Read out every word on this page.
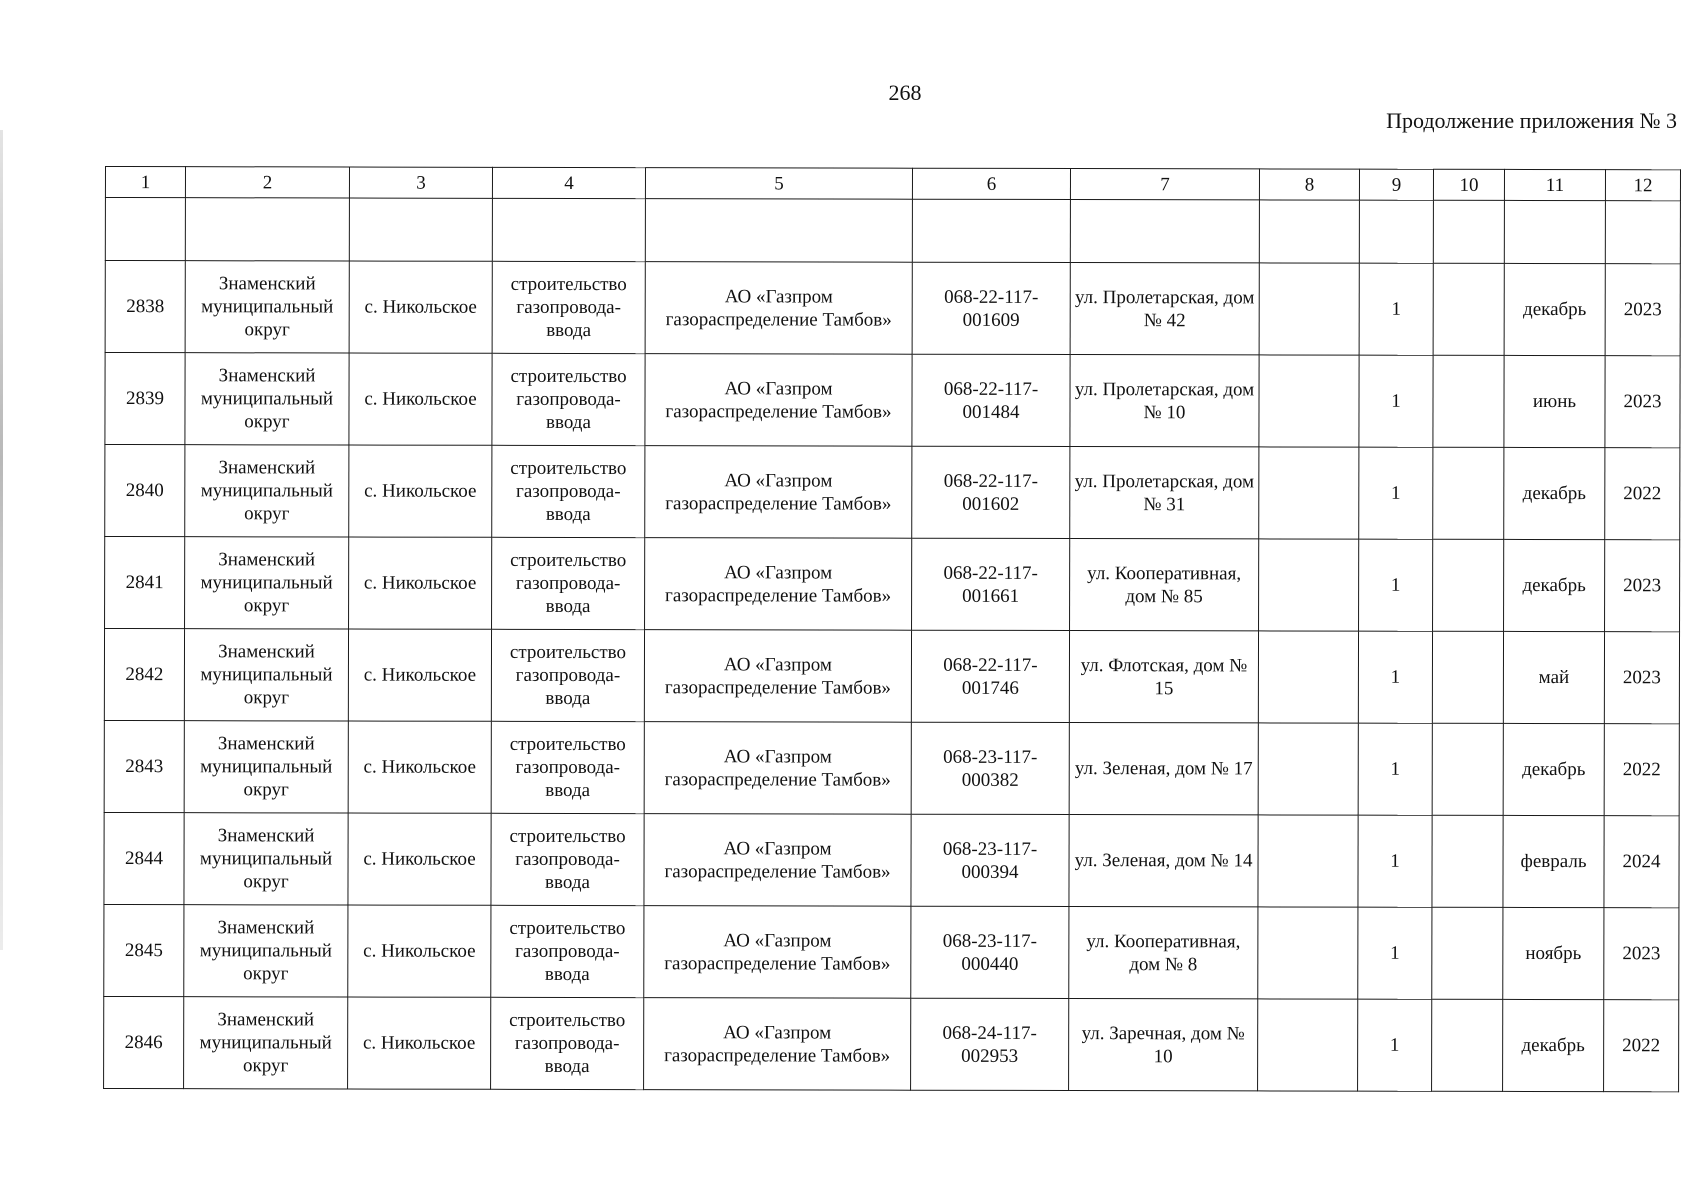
268
Продолжение приложения № 3
1	2	3	4	5	6	7	8	9	10	11	12

2838	Знаменский муниципальный округ	с. Никольское	строительство газопровода-ввода	АО «Газпром газораспределение Тамбов»	068-22-117-001609	ул. Пролетарская, дом № 42		1		декабрь	2023
2839	Знаменский муниципальный округ	с. Никольское	строительство газопровода-ввода	АО «Газпром газораспределение Тамбов»	068-22-117-001484	ул. Пролетарская, дом № 10		1		июнь	2023
2840	Знаменский муниципальный округ	с. Никольское	строительство газопровода-ввода	АО «Газпром газораспределение Тамбов»	068-22-117-001602	ул. Пролетарская, дом № 31		1		декабрь	2022
2841	Знаменский муниципальный округ	с. Никольское	строительство газопровода-ввода	АО «Газпром газораспределение Тамбов»	068-22-117-001661	ул. Кооперативная, дом № 85		1		декабрь	2023
2842	Знаменский муниципальный округ	с. Никольское	строительство газопровода-ввода	АО «Газпром газораспределение Тамбов»	068-22-117-001746	ул. Флотская, дом № 15		1		май	2023
2843	Знаменский муниципальный округ	с. Никольское	строительство газопровода-ввода	АО «Газпром газораспределение Тамбов»	068-23-117-000382	ул. Зеленая, дом № 17		1		декабрь	2022
2844	Знаменский муниципальный округ	с. Никольское	строительство газопровода-ввода	АО «Газпром газораспределение Тамбов»	068-23-117-000394	ул. Зеленая, дом № 14		1		февраль	2024
2845	Знаменский муниципальный округ	с. Никольское	строительство газопровода-ввода	АО «Газпром газораспределение Тамбов»	068-23-117-000440	ул. Кооперативная, дом № 8		1		ноябрь	2023
2846	Знаменский муниципальный округ	с. Никольское	строительство газопровода-ввода	АО «Газпром газораспределение Тамбов»	068-24-117-002953	ул. Заречная, дом № 10		1		декабрь	2022
